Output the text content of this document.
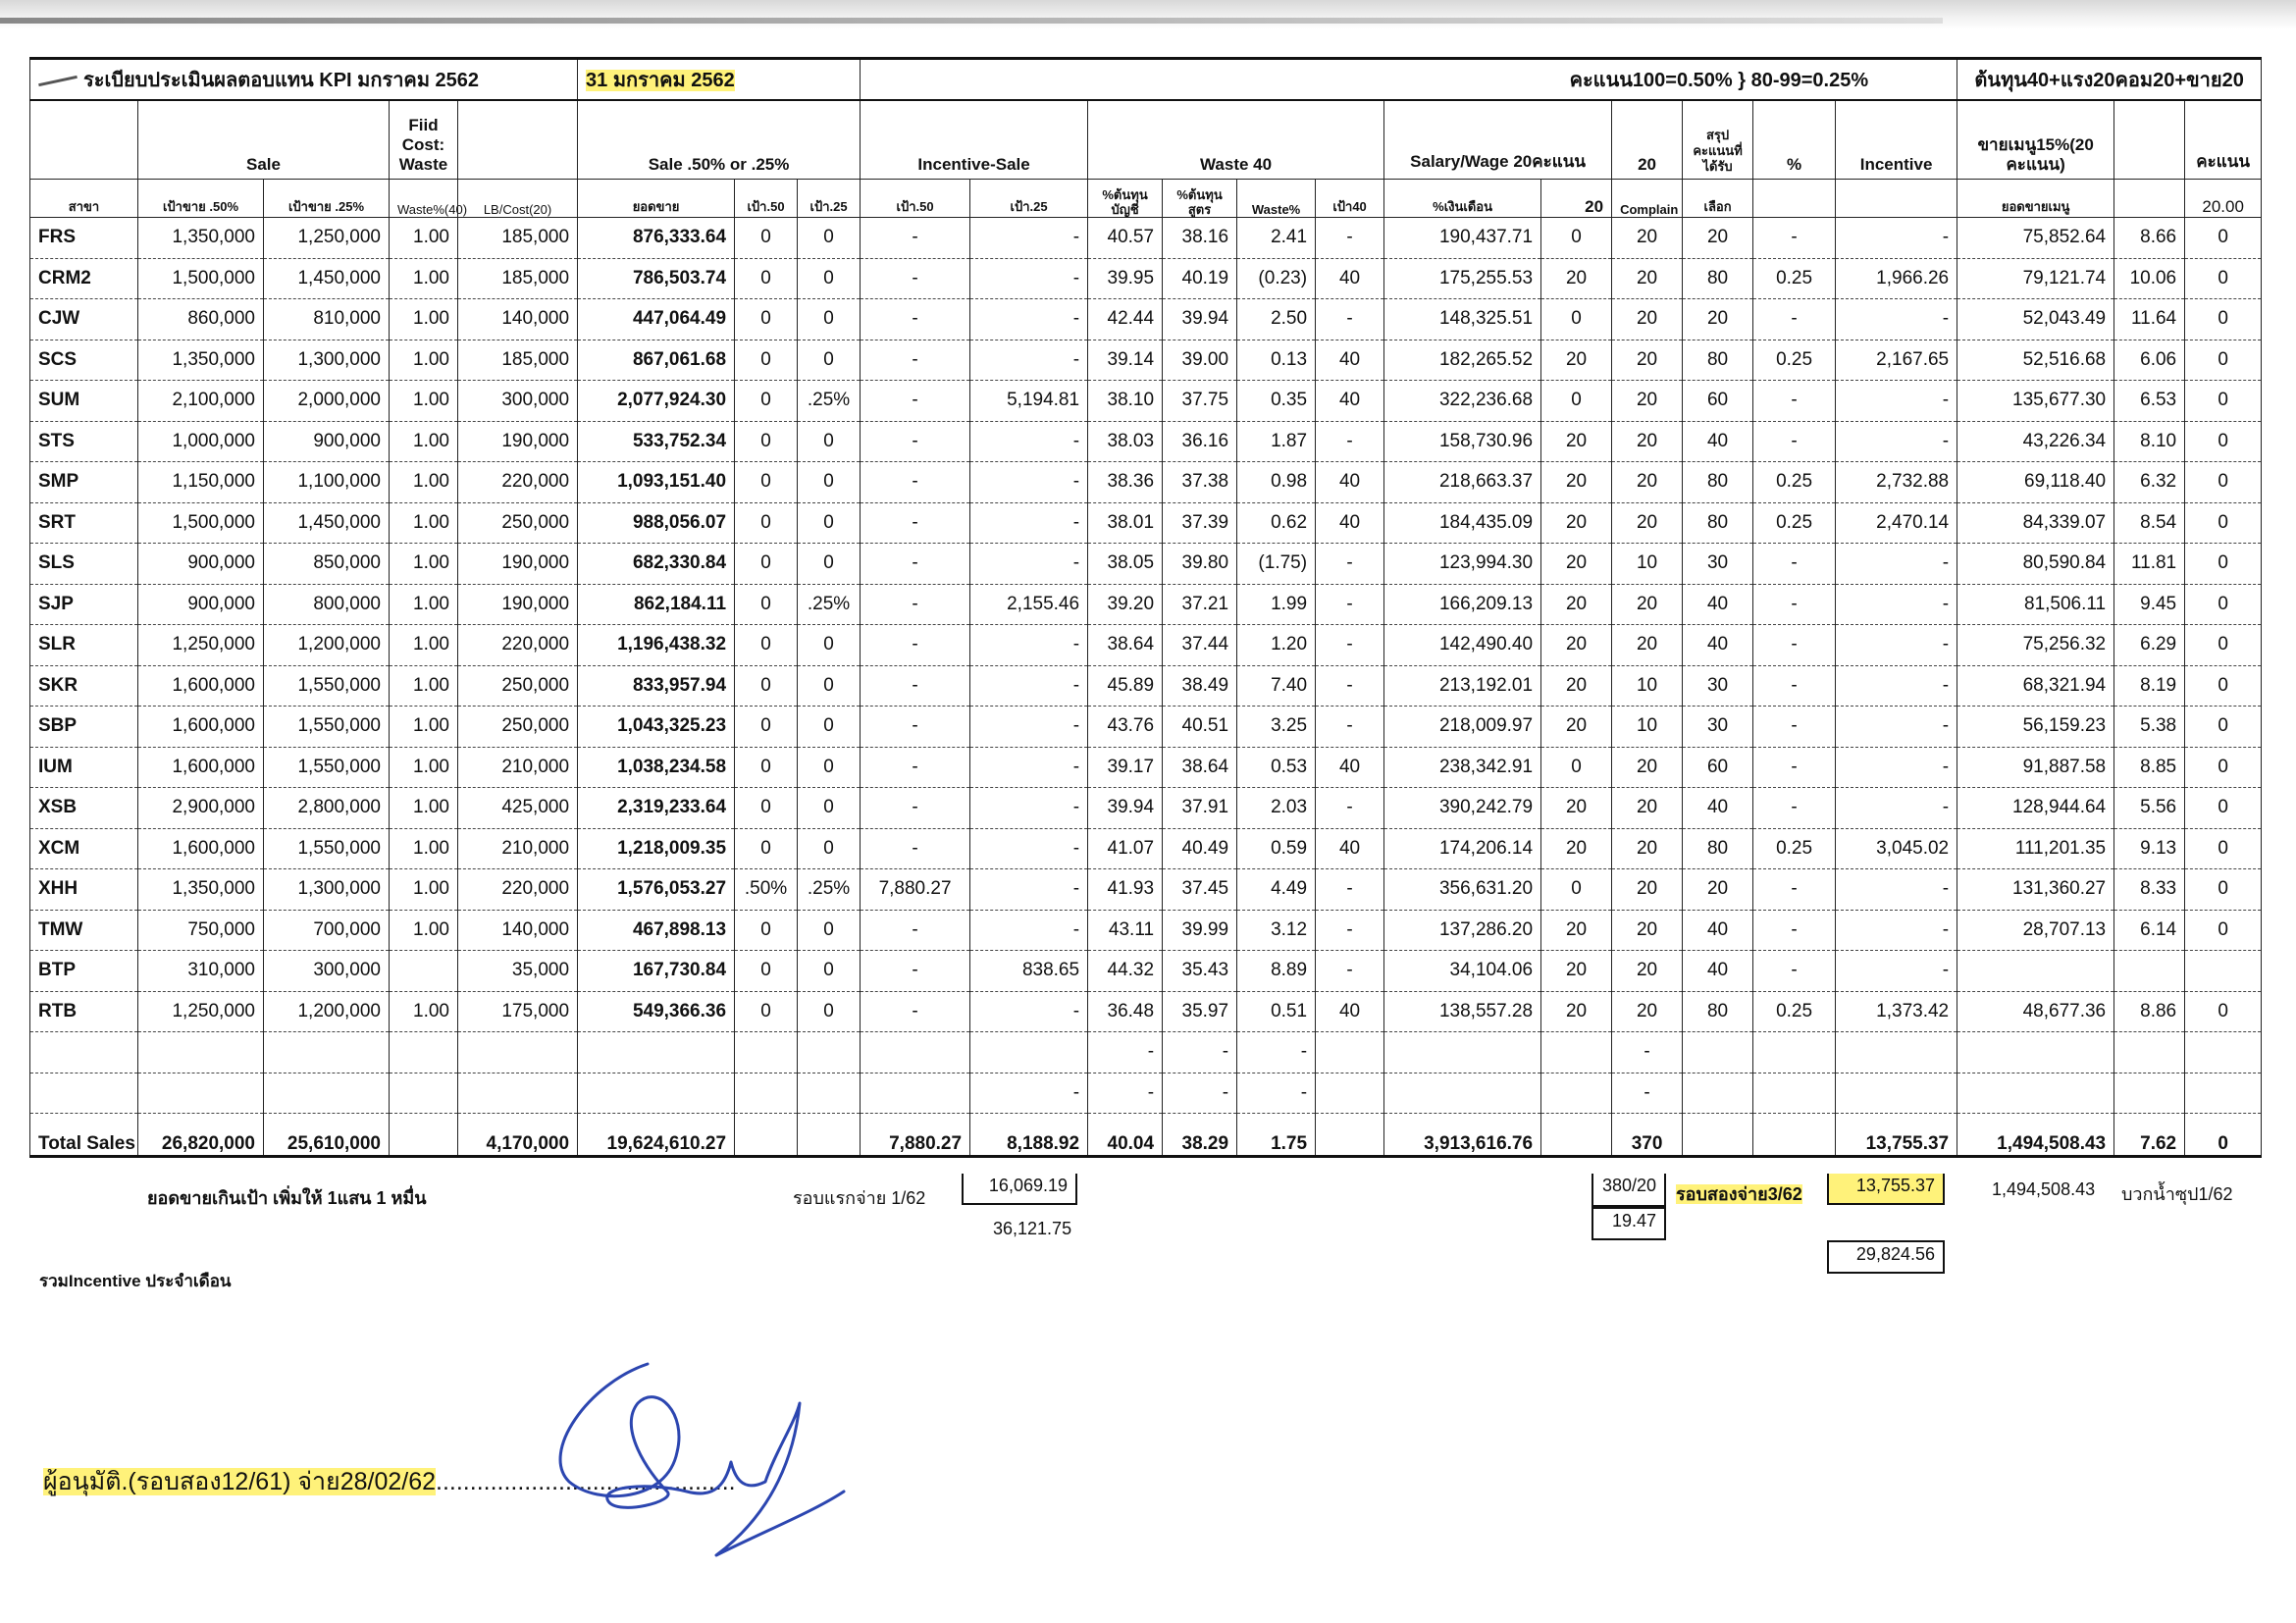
ระเบียบประเมินผลตอบแทน KPI มกราคม 2562					31 มกราคม 2562			คะแนน100=0.50% } 80-99=0.25%												ต้นทุน40+แรง20คอม20+ขาย20		
	Sale		Fiid Cost: Waste		Sale .50% or .25%			Incentive-Sale		Waste 40				Salary/Wage 20คะแนน		20	สรุป คะแนนที่ ได้รับ	%	Incentive	ขายเมนู15%(20 คะแนน)		คะแนน
สาขา	เป้าขาย .50%	เป้าขาย .25%	Waste%(40)	LB/Cost(20)	ยอดขาย	เป้า.50	เป้า.25	เป้า.50	เป้า.25	%ต้นทุน บัญชี	%ต้นทุน สูตร	Waste%	เป้า40	%เงินเดือน	20	Complain	เลือก			ยอดขายเมนู		20.00
FRS	1,350,000	1,250,000	1.00	185,000	876,333.64	0	0	-	-	40.57	38.16	2.41	-	190,437.71	0	20	20	-	-	75,852.64	8.66	0
CRM2	1,500,000	1,450,000	1.00	185,000	786,503.74	0	0	-	-	39.95	40.19	(0.23)	40	175,255.53	20	20	80	0.25	1,966.26	79,121.74	10.06	0
CJW	860,000	810,000	1.00	140,000	447,064.49	0	0	-	-	42.44	39.94	2.50	-	148,325.51	0	20	20	-	-	52,043.49	11.64	0
SCS	1,350,000	1,300,000	1.00	185,000	867,061.68	0	0	-	-	39.14	39.00	0.13	40	182,265.52	20	20	80	0.25	2,167.65	52,516.68	6.06	0
SUM	2,100,000	2,000,000	1.00	300,000	2,077,924.30	0	.25%	-	5,194.81	38.10	37.75	0.35	40	322,236.68	0	20	60	-	-	135,677.30	6.53	0
STS	1,000,000	900,000	1.00	190,000	533,752.34	0	0	-	-	38.03	36.16	1.87	-	158,730.96	20	20	40	-	-	43,226.34	8.10	0
SMP	1,150,000	1,100,000	1.00	220,000	1,093,151.40	0	0	-	-	38.36	37.38	0.98	40	218,663.37	20	20	80	0.25	2,732.88	69,118.40	6.32	0
SRT	1,500,000	1,450,000	1.00	250,000	988,056.07	0	0	-	-	38.01	37.39	0.62	40	184,435.09	20	20	80	0.25	2,470.14	84,339.07	8.54	0
SLS	900,000	850,000	1.00	190,000	682,330.84	0	0	-	-	38.05	39.80	(1.75)	-	123,994.30	20	10	30	-	-	80,590.84	11.81	0
SJP	900,000	800,000	1.00	190,000	862,184.11	0	.25%	-	2,155.46	39.20	37.21	1.99	-	166,209.13	20	20	40	-	-	81,506.11	9.45	0
SLR	1,250,000	1,200,000	1.00	220,000	1,196,438.32	0	0	-	-	38.64	37.44	1.20	-	142,490.40	20	20	40	-	-	75,256.32	6.29	0
SKR	1,600,000	1,550,000	1.00	250,000	833,957.94	0	0	-	-	45.89	38.49	7.40	-	213,192.01	20	10	30	-	-	68,321.94	8.19	0
SBP	1,600,000	1,550,000	1.00	250,000	1,043,325.23	0	0	-	-	43.76	40.51	3.25	-	218,009.97	20	10	30	-	-	56,159.23	5.38	0
IUM	1,600,000	1,550,000	1.00	210,000	1,038,234.58	0	0	-	-	39.17	38.64	0.53	40	238,342.91	0	20	60	-	-	91,887.58	8.85	0
XSB	2,900,000	2,800,000	1.00	425,000	2,319,233.64	0	0	-	-	39.94	37.91	2.03	-	390,242.79	20	20	40	-	-	128,944.64	5.56	0
XCM	1,600,000	1,550,000	1.00	210,000	1,218,009.35	0	0	-	-	41.07	40.49	0.59	40	174,206.14	20	20	80	0.25	3,045.02	111,201.35	9.13	0
XHH	1,350,000	1,300,000	1.00	220,000	1,576,053.27	.50%	.25%	7,880.27	-	41.93	37.45	4.49	-	356,631.20	0	20	20	-	-	131,360.27	8.33	0
TMW	750,000	700,000	1.00	140,000	467,898.13	0	0	-	-	43.11	39.99	3.12	-	137,286.20	20	20	40	-	-	28,707.13	6.14	0
BTP	310,000	300,000		35,000	167,730.84	0	0	-	838.65	44.32	35.43	8.89	-	34,104.06	20	20	40	-	-			
RTB	1,250,000	1,200,000	1.00	175,000	549,366.36	0	0	-	-	36.48	35.97	0.51	40	138,557.28	20	20	80	0.25	1,373.42	48,677.36	8.86	0
										-	-	-				-						
									-	-	-	-				-						
Total Sales	26,820,000	25,610,000		4,170,000	19,624,610.27			7,880.27	8,188.92	40.04	38.29	1.75		3,913,616.76		370			13,755.37	1,494,508.43	7.62	0
ยอดขายเกินเป้า เพิ่มให้ 1แสน 1 หมื่น	รอบแรกจ่าย 1/62
16,069.19
36,121.75
380/20
19.47
รอบสองจ่าย3/62	13,755.37	1,494,508.43 บวกน้ำซุป1/62
29,824.56
รวมIncentive ประจำเดือน
ผู้อนุมัติ.(รอบสอง12/61) จ่าย28/02/62............................................
